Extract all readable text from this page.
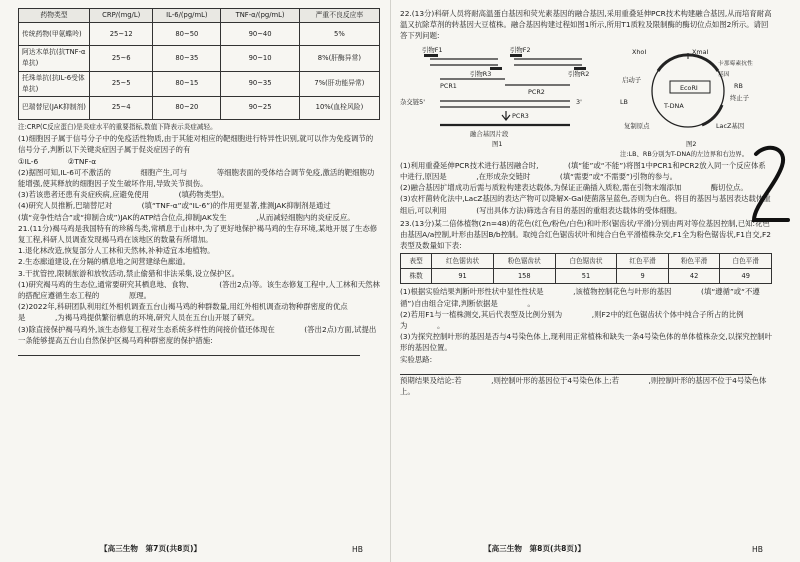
药物类型	CRP/(mg/L)	IL-6/(pg/mL)	TNF-α/(pg/mL)	严重不良反应率
传统药物(甲氨蝶呤)	25~12	80~50	90~40	5%
阿达木单抗(抗TNF-α单抗)	25~6	80~35	90~10	8%(肝酶异常)
托珠单抗(抗IL-6受体单抗)	25~5	80~15	90~35	7%(肝功能异常)
巴瑞替尼(JAK抑制剂)	25~4	80~20	90~25	10%(血栓风险)

注:CRP(C反应蛋白)是炎症水平的重要指标,数值下降表示炎症减轻。

(1)细胞因子属于信号分子中的免疫活性物质,由于其能对相应的靶细胞进行特异性识别,就可以作为免疫调节的信号分子,判断以下关键炎症因子属于促炎症因子的有

①IL-6　　　　②TNF-α

(2)据图可知,IL-6可不激活的　　　　细胞产生,可与　　　　等细胞表面的受体结合调节免疫,激活的靶细胞功能增强,使其释放的细胞因子发生破坏作用,导致关节损伤。

(3)若该患者还患有炎症疾病,应避免使用　　　　(填药物类型)。

(4)研究人员推断,巴瑞替尼对　　　　(填“TNF-α”或“IL-6”)的作用更显著,推测JAK抑制剂是通过　　　　(填“竞争性结合”或“抑制合成”)JAK的ATP结合位点,抑制JAK发生　　　　,从而减轻细胞内的炎症反应。

21.(11分)褐马鸡是我国特有的珍稀鸟类,常栖息于山林中,为了更好地保护褐马鸡的生存环境,某地开展了生态修复工程,科研人员调查发现褐马鸡在该地区的数量有所增加。

1.退化林改造,恢复部分人工林和天然林,补种适宜本地植物。

2.生态廊道建设,在分隔的栖息地之间营建绿色廊道。

3.干扰管控,限制旅游和放牧活动,禁止偷猎和非法采集,设立保护区。

(1)研究褐马鸡的生态位,通常要研究其栖息地、食物、　　　　(答出2点)等。该生态修复工程中,人工林和天然林的搭配应遵循生态工程的　　　　原理。

(2)2022年,科研团队利用红外相机调查五台山褐马鸡的种群数量,用红外相机调查动物种群密度的优点是　　　　,为褐马鸡提供繁衍栖息的环境,研究人员在五台山开展了研究。

(3)除直接保护褐马鸡外,该生态修复工程对生态系统多样性的间接价值还体现在　　　　(答出2点)方面,试提出一条能够提高五台山自然保护区褐马鸡种群密度的保护措施:

【高三生物　第7页(共8页)】	HB

22.(13分)科研人员将耐高温蛋白基因和荧光素基因的融合基因,采用重叠延伸PCR技术构建融合基因,从而培育耐高温又抗除草剂的转基因大豆植株。融合基因构建过程如图1所示,所用T1质粒及限制酶的酶切位点如图2所示。请回答下列问题:

引物F1
引物R3
引物F2
引物R2
PCR1
PCR2
PCR3
融合基因片段
杂交链5'	3'
图1
XhoⅠ	XmaⅠ
EcoRⅠ
启动子
卡那霉素抗性基因
终止子
RB
LB
LacZ基因
复制原点
T-DNA
图2

注:LB、RB分别为T-DNA的左边界和右边界。

(1)利用重叠延伸PCR技术进行基因融合时,　　　　(填“能”或“不能”)将图1中PCR1和PCR2放入同一个反应体系中进行,原因是　　　　,在形成杂交链时　　　　(填“需要”或“不需要”)引物的参与。

(2)融合基因扩增成功后需与质粒构建表达载体,为保证正确插入质粒,需在引物末端添加　　　　酶切位点。

(3)农杆菌转化法中,LacZ基因的表达产物可以降解X-Gal使菌落呈蓝色,否则为白色。将目的基因与基因表达载体重组后,可以利用　　　　(写出具体方法)筛选含有目的基因的重组表达载体的受体细胞。

23.(13分)某二倍体植物(2n=48)的花色(红色/粉色/白色)和叶形(锯齿状/平滑)分别由两对等位基因控制,已知:花色由基因A/a控制,叶形由基因B/b控制。取纯合红色锯齿状叶和纯合白色平滑植株杂交,F1全为粉色锯齿状,F1自交,F2表型及数量如下表:

表型	红色锯齿状	粉色锯齿状	白色锯齿状	红色平滑	粉色平滑	白色平滑
株数	91	158	51	9	42	49

(1)根据实验结果判断叶形性状中显性性状是　　　　,该植物控制花色与叶形的基因　　　　(填“遵循”或“不遵循”)自由组合定律,判断依据是　　　　。

(2)若用F1与一植株测交,其后代表型及比例分别为　　　　,则F2中的红色锯齿状个体中纯合子所占的比例为　　　　。

(3)为探究控制叶形的基因是否与4号染色体上,现利用正常植株和缺失一条4号染色体的单体植株杂交,以探究控制叶形的基因位置。

实验思路:

预期结果及结论:若　　　　,则控制叶形的基因位于4号染色体上;若　　　　,则控制叶形的基因不位于4号染色体上。

【高三生物　第8页(共8页)】	HB
